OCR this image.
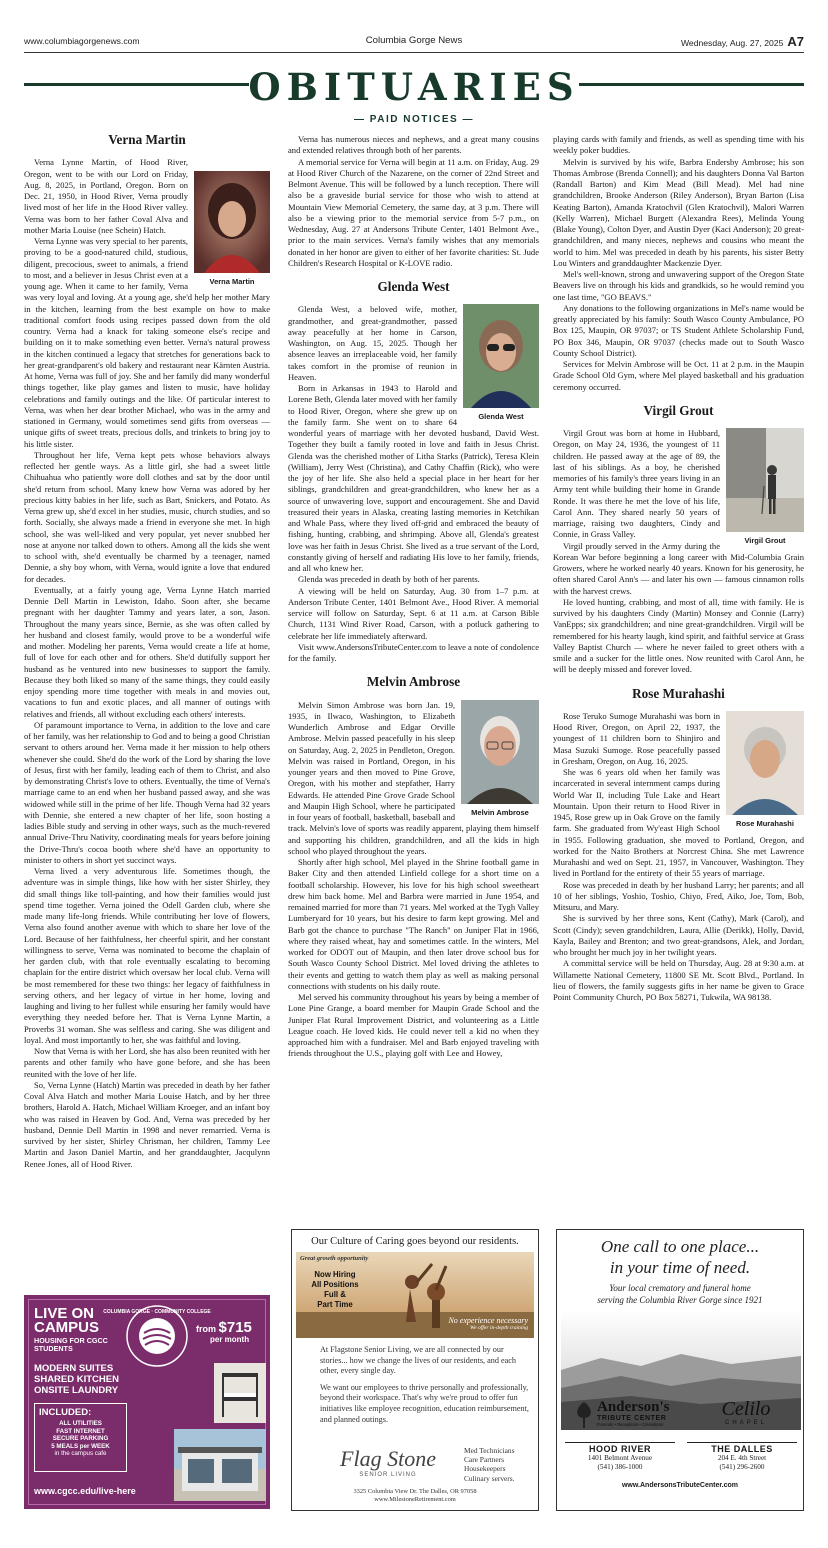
www.columbiagorgenews.com	Columbia Gorge News	Wednesday, Aug. 27, 2025 A7
OBITUARIES
— PAID NOTICES —
Verna Martin
Verna Martin

Verna Lynne Martin, of Hood River, Oregon, went to be with our Lord on Friday, Aug. 8, 2025, in Portland, Oregon. Born on Dec. 21, 1950, in Hood River, Verna proudly lived most of her life in the Hood River valley. Verna was born to her father Coval Alva and mother Maria Louise (nee Schein) Hatch.

Verna Lynne was very special to her parents, proving to be a good-natured child, studious, diligent, precocious, sweet to animals, a friend to most, and a believer in Jesus Christ even at a young age. When it came to her family, Verna was very loyal and loving. At a young age, she'd help her mother Mary in the kitchen, learning from the best example on how to make traditional comfort foods using recipes passed down from the old country. Verna had a knack for taking someone else's recipe and building on it to make something even better. Verna's natural prowess in the kitchen continued a legacy that stretches for generations back to her great-grandparent's old bakery and restaurant near Kärnten Austria. At home, Verna was full of joy. She and her family did many wonderful things together, like play games and listen to music, have holiday celebrations and family outings and the like. Of particular interest to Verna, was when her dear brother Michael, who was in the army and stationed in Germany, would sometimes send gifts from overseas — unique gifts of sweet treats, precious dolls, and trinkets to bring joy to his little sister.

Throughout her life, Verna kept pets whose behaviors always reflected her gentle ways. As a little girl, she had a sweet little Chihuahua who patiently wore doll clothes and sat by the door until she'd return from school. Many knew how Verna was adored by her precious kitty babies in her life, such as Bart, Snickers, and Potato. As Verna grew up, she'd excel in her studies, music, church studies, and so forth. Socially, she always made a friend in everyone she met. In high school, she was well-liked and very popular, yet never snubbed her nose at anyone nor talked down to others. Among all the kids she went to school with, she'd eventually be charmed by a teenager, named Dennie, a shy boy whom, with Verna, would ignite a love that endured for decades.

Eventually, at a fairly young age, Verna Lynne Hatch married Dennie Dell Martin in Lewiston, Idaho. Soon after, she became pregnant with her daughter Tammy and years later, a son, Jason. Throughout the many years since, Bernie, as she was often called by her husband and closest family, would prove to be a wonderful wife and mother. Modeling her parents, Verna would create a life at home, full of love for each other and for others. She'd dutifully support her husband as he ventured into new businesses to support the family. Because they both liked so many of the same things, they could easily enjoy spending more time together with meals in and movies out, vacations to fun and exotic places, and all manner of outings with relatives and friends, all without excluding each others' interests.

Of paramount importance to Verna, in addition to the love and care of her family, was her relationship to God and to being a good Christian servant to others around her. Verna made it her mission to help others whenever she could. She'd do the work of the Lord by sharing the love of Jesus, first with her family, leading each of them to Christ, and also by demonstrating Christ's love to others. Eventually, the time of Verna's marriage came to an end when her husband passed away, and she was widowed while still in the prime of her life. Though Verna had 32 years with Dennie, she entered a new chapter of her life, soon hosting a ladies Bible study and serving in other ways, such as the much-revered annual Drive-Thru Nativity, coordinating meals for years before joining the Drive-Thru's cocoa booth where she'd have an opportunity to minister to others in short yet succinct ways.

Verna lived a very adventurous life. Sometimes though, the adventure was in simple things, like how with her sister Shirley, they did small things like toll-painting, and how their families would just spend time together. Verna joined the Odell Garden club, where she made many life-long friends. While contributing her love of flowers, Verna also found another avenue with which to share her love of the Lord. Because of her faithfulness, her cheerful spirit, and her constant willingness to serve, Verna was nominated to become the chaplain of her garden club, with that role eventually escalating to becoming chaplain for the entire district which oversaw her local club. Verna will be most remembered for these two things: her legacy of faithfulness in serving others, and her legacy of virtue in her home, loving and laughing and living to her fullest while ensuring her family would have everything they needed before her. That is Verna Lynne Martin, a Proverbs 31 woman. She was selfless and caring. She was diligent and loyal. And most importantly to her, she was faithful and loving.

Now that Verna is with her Lord, she has also been reunited with her parents and other family who have gone before, and she has been reunited with the love of her life.

So, Verna Lynne (Hatch) Martin was preceded in death by her father Coval Alva Hatch and mother Maria Louise Hatch, and by her three brothers, Harold A. Hatch, Michael William Kroeger, and an infant boy who was raised in Heaven by God. And, Verna was preceded by her husband, Dennie Dell Martin in 1998 and never remarried. Verna is survived by her sister, Shirley Chrisman, her children, Tammy Lee Martin and Jason Daniel Martin, and her granddaughter, Jacqulynn Renee Jones, all of Hood River.

LIVE ON CAMPUS
HOUSING FOR CGCC STUDENTS
COLUMBIA GORGE · COMMUNITY COLLEGE
from $715
per month
MODERN SUITES
SHARED KITCHEN
ONSITE LAUNDRY
INCLUDED:
ALL UTILITIES
FAST INTERNET
SECURE PARKING
5 MEALS per WEEK
in the campus cafe
www.cgcc.edu/live-here

Verna has numerous nieces and nephews, and a great many cousins and extended relatives through both of her parents.

A memorial service for Verna will begin at 11 a.m. on Friday, Aug. 29 at Hood River Church of the Nazarene, on the corner of 22nd Street and Belmont Avenue. This will be followed by a lunch reception. There will also be a graveside burial service for those who wish to attend at Mountain View Memorial Cemetery, the same day, at 3 p.m. There will also be a viewing prior to the memorial service from 5-7 p.m., on Wednesday, Aug. 27 at Andersons Tribute Center, 1401 Belmont Ave., prior to the main services. Verna's family wishes that any memorials donated in her honor are given to either of her favorite charities: St. Jude Children's Research Hospital or K-LOVE radio.

Glenda West
Glenda West

Glenda West, a beloved wife, mother, grandmother, and great-grandmother, passed away peacefully at her home in Carson, Washington, on Aug. 15, 2025. Though her absence leaves an irreplaceable void, her family takes comfort in the promise of reunion in Heaven.

Born in Arkansas in 1943 to Harold and Lorene Beth, Glenda later moved with her family to Hood River, Oregon, where she grew up on the family farm. She went on to share 64 wonderful years of marriage with her devoted husband, David West. Together they built a family rooted in love and faith in Jesus Christ. Glenda was the cherished mother of Litha Starks (Patrick), Teresa Klein (William), Jerry West (Christina), and Cathy Chaffin (Rick), who were the joy of her life. She also held a special place in her heart for her siblings, grandchildren and great-grandchildren, who knew her as a source of unwavering love, support and encouragement. She and David treasured their years in Alaska, creating lasting memories in Ketchikan and Whale Pass, where they lived off-grid and embraced the beauty of fishing, hunting, crabbing, and shrimping. Above all, Glenda's greatest love was her faith in Jesus Christ. She lived as a true servant of the Lord, constantly giving of herself and radiating His love to her family, friends, and all who knew her.

Glenda was preceded in death by both of her parents.

A viewing will be held on Saturday, Aug. 30 from 1–7 p.m. at Anderson Tribute Center, 1401 Belmont Ave., Hood River. A memorial service will follow on Saturday, Sept. 6 at 11 a.m. at Carson Bible Church, 1131 Wind River Road, Carson, with a potluck gathering to celebrate her life immediately afterward.

Visit www.AndersonsTributeCenter.com to leave a note of condolence for the family.

Melvin Ambrose
Melvin Ambrose

Melvin Simon Ambrose was born Jan. 19, 1935, in Ilwaco, Washington, to Elizabeth Wunderlich Ambrose and Edgar Orville Ambrose. Melvin passed peacefully in his sleep on Saturday, Aug. 2, 2025 in Pendleton, Oregon. Melvin was raised in Portland, Oregon, in his younger years and then moved to Pine Grove, Oregon, with his mother and stepfather, Harry Edwards. He attended Pine Grove Grade School and Maupin High School, where he participated in four years of football, basketball, baseball and track. Melvin's love of sports was readily apparent, playing them himself and supporting his children, grandchildren, and all the kids in high school who played throughout the years.

Shortly after high school, Mel played in the Shrine football game in Baker City and then attended Linfield college for a short time on a football scholarship. However, his love for his high school sweetheart drew him back home. Mel and Barbra were married in June 1954, and remained married for more than 71 years. Mel worked at the Tygh Valley Lumberyard for 10 years, but his desire to farm kept growing. Mel and Barb got the chance to purchase "The Ranch" on Juniper Flat in 1966, where they raised wheat, hay and sometimes cattle. In the winters, Mel worked for ODOT out of Maupin, and then later drove school bus for South Wasco County School District. Mel loved driving the athletes to their events and getting to watch them play as well as making personal connections with students on his daily route.

Mel served his community throughout his years by being a member of Lone Pine Grange, a board member for Maupin Grade School and the Juniper Flat Rural Improvement District, and volunteering as a Little League coach. He loved kids. He could never tell a kid no when they approached him with a fundraiser. Mel and Barb enjoyed traveling with friends throughout the U.S., playing golf with Lee and Howey,

Our Culture of Caring goes beyond our residents.
Great growth opportunity
Now Hiring
All Positions
Full &
Part Time
No experience necessary
We offer in-depth training

At Flagstone Senior Living, we are all connected by our stories... how we change the lives of our residents, and each other, every single day.

We want our employees to thrive personally and professionally, beyond their workspace. That's why we're proud to offer fun initiatives like employee recognition, education reimbursement, and planned outings.

Flag Stone
SENIOR LIVING
Med Technicians
Care Partners
Housekeepers
Culinary servers.
3325 Columbia View Dr. The Dalles, OR 97058
www.MilestoneRetirement.com

playing cards with family and friends, as well as spending time with his weekly poker buddies.

Melvin is survived by his wife, Barbra Endersby Ambrose; his son Thomas Ambrose (Brenda Connell); and his daughters Donna Val Barton (Randall Barton) and Kim Mead (Bill Mead). Mel had nine grandchildren, Brooke Anderson (Riley Anderson), Bryan Barton (Lisa Keating Barton), Amanda Kratochvil (Glen Kratochvil), Malori Warren (Kelly Warren), Michael Burgett (Alexandra Rees), Melinda Young (Blake Young), Colton Dyer, and Austin Dyer (Kaci Anderson); 20 great-grandchildren, and many nieces, nephews and cousins who meant the world to him. Mel was preceded in death by his parents, his sister Betty Lou Winters and granddaughter Mackenzie Dyer.

Mel's well-known, strong and unwavering support of the Oregon State Beavers live on through his kids and grandkids, so he would remind you one last time, "GO BEAVS."

Any donations to the following organizations in Mel's name would be greatly appreciated by his family: South Wasco County Ambulance, PO Box 125, Maupin, OR 97037; or TS Student Athlete Scholarship Fund, PO Box 346, Maupin, OR 97037 (checks made out to South Wasco County School District).

Services for Melvin Ambrose will be Oct. 11 at 2 p.m. in the Maupin Grade School Old Gym, where Mel played basketball and his graduation ceremony occurred.

Virgil Grout
Virgil Grout

Virgil Grout was born at home in Hubbard, Oregon, on May 24, 1936, the youngest of 11 children. He passed away at the age of 89, the last of his siblings. As a boy, he cherished memories of his family's three years living in an Army tent while building their home in Grande Ronde. It was there he met the love of his life, Carol Ann. They shared nearly 50 years of marriage, raising two daughters, Cindy and Connie, in Grass Valley.

Virgil proudly served in the Army during the Korean War before beginning a long career with Mid-Columbia Grain Growers, where he worked nearly 40 years. Known for his generosity, he often shared Carol Ann's — and later his own — famous cinnamon rolls with the harvest crews.

He loved hunting, crabbing, and most of all, time with family. He is survived by his daughters Cindy (Martin) Monsey and Connie (Larry) VanEpps; six grandchildren; and nine great-grandchildren. Virgil will be remembered for his hearty laugh, kind spirit, and faithful service at Grass Valley Baptist Church — where he never failed to greet others with a smile and a sucker for the little ones. Now reunited with Carol Ann, he will be deeply missed and forever loved.

Rose Murahashi
Rose Murahashi

Rose Teruko Sumoge Murahashi was born in Hood River, Oregon, on April 22, 1937, the youngest of 11 children born to Shinjiro and Masa Suzuki Sumoge. Rose peacefully passed in Gresham, Oregon, on Aug. 16, 2025.

She was 6 years old when her family was incarcerated in several internment camps during World War II, including Tule Lake and Heart Mountain. Upon their return to Hood River in 1945, Rose grew up in Oak Grove on the family farm. She graduated from Wy'east High School in 1955. Following graduation, she moved to Portland, Oregon, and worked for the Naito Brothers at Norcrest China. She met Lawrence Murahashi and wed on Sept. 21, 1957, in Vancouver, Washington. They lived in Portland for the entirety of their 55 years of marriage.

Rose was preceded in death by her husband Larry; her parents; and all 10 of her siblings, Yoshio, Toshio, Chiyo, Fred, Aiko, Joe, Tom, Bob, Mitsuru, and Mary.

She is survived by her three sons, Kent (Cathy), Mark (Carol), and Scott (Cindy); seven grandchildren, Laura, Allie (Derikk), Holly, David, Kayla, Bailey and Brenton; and two great-grandsons, Alek, and Jordan, who brought her much joy in her twilight years.

A committal service will be held on Thursday, Aug. 28 at 9:30 a.m. at Willamette National Cemetery, 11800 SE Mt. Scott Blvd., Portland. In lieu of flowers, the family suggests gifts in her name be given to Grace Point Community Church, PO Box 58271, Tukwila, WA 98138.

One call to one place...
in your time of need.
Your local crematory and funeral home
serving the Columbia River Gorge since 1921
Anderson's
TRIBUTE CENTER
Funerals • Receptions • Cremations
Celilo
CHAPEL
HOOD RIVER
1401 Belmont Avenue
(541) 386-1000
THE DALLES
204 E. 4th Street
(541) 296-2600
www.AndersonsTributeCenter.com
